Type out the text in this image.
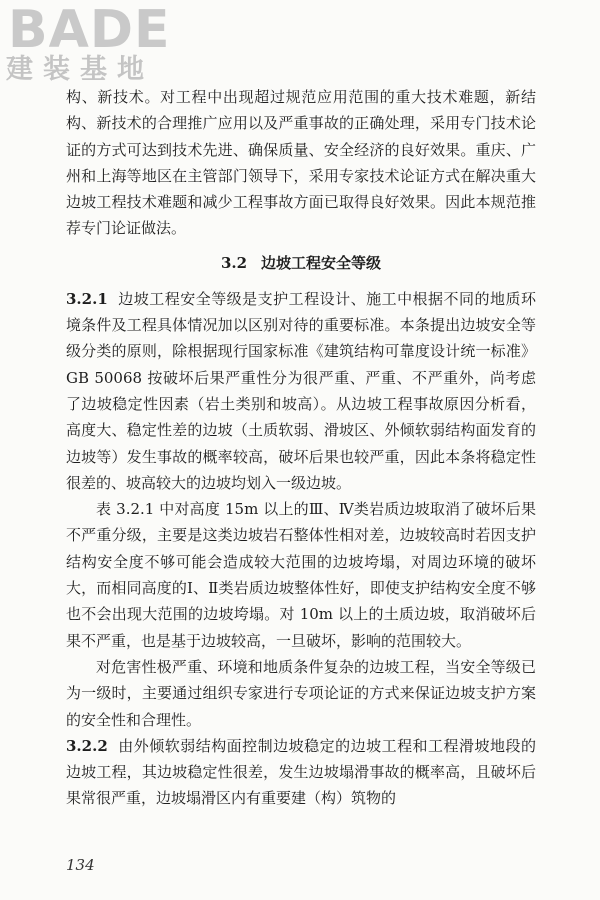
BADE
建装基地

构、新技术。对工程中出现超过规范应用范围的重大技术难题，新结构、新技术的合理推广应用以及严重事故的正确处理，采用专门技术论证的方式可达到技术先进、确保质量、安全经济的良好效果。重庆、广州和上海等地区在主管部门领导下，采用专家技术论证方式在解决重大边坡工程技术难题和减少工程事故方面已取得良好效果。因此本规范推荐专门论证做法。

3.2 边坡工程安全等级

3.2.1 边坡工程安全等级是支护工程设计、施工中根据不同的地质环境条件及工程具体情况加以区别对待的重要标准。本条提出边坡安全等级分类的原则，除根据现行国家标准《建筑结构可靠度设计统一标准》GB 50068 按破坏后果严重性分为很严重、严重、不严重外，尚考虑了边坡稳定性因素（岩土类别和坡高）。从边坡工程事故原因分析看，高度大、稳定性差的边坡（土质软弱、滑坡区、外倾软弱结构面发育的边坡等）发生事故的概率较高，破坏后果也较严重，因此本条将稳定性很差的、坡高较大的边坡均划入一级边坡。

表 3.2.1 中对高度 15m 以上的Ⅲ、Ⅳ类岩质边坡取消了破坏后果不严重分级，主要是这类边坡岩石整体性相对差，边坡较高时若因支护结构安全度不够可能会造成较大范围的边坡垮塌，对周边环境的破坏大，而相同高度的Ⅰ、Ⅱ类岩质边坡整体性好，即使支护结构安全度不够也不会出现大范围的边坡垮塌。对 10m 以上的土质边坡，取消破坏后果不严重，也是基于边坡较高，一旦破坏，影响的范围较大。

对危害性极严重、环境和地质条件复杂的边坡工程，当安全等级已为一级时，主要通过组织专家进行专项论证的方式来保证边坡支护方案的安全性和合理性。

3.2.2 由外倾软弱结构面控制边坡稳定的边坡工程和工程滑坡地段的边坡工程，其边坡稳定性很差，发生边坡塌滑事故的概率高，且破坏后果常很严重，边坡塌滑区内有重要建（构）筑物的

134
